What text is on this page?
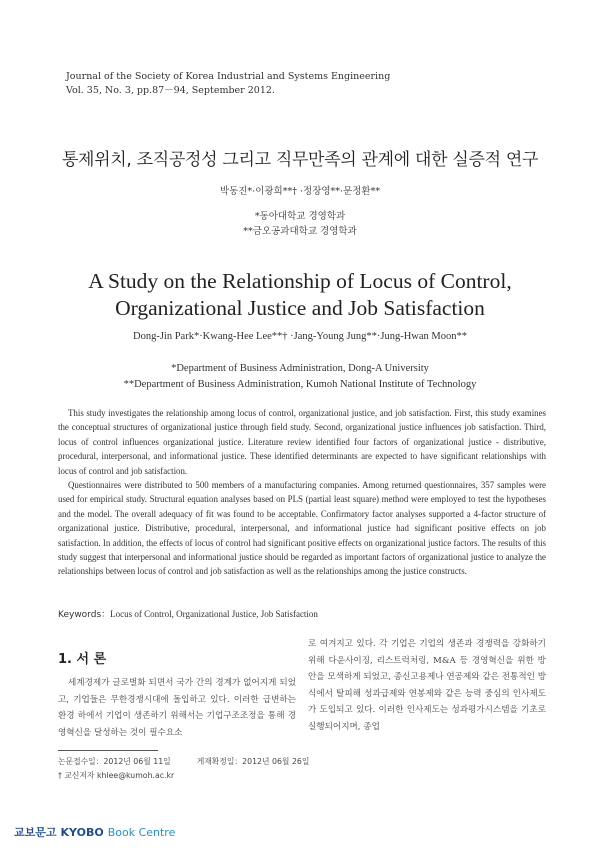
Journal of the Society of Korea Industrial and Systems Engineering
Vol. 35, No. 3, pp.87－94, September 2012.
통제위치, 조직공정성 그리고 직무만족의 관계에 대한 실증적 연구
박동진*·이광희**† ·정장영**·문정환**
*동아대학교 경영학과
**금오공과대학교 경영학과
A Study on the Relationship of Locus of Control,
Organizational Justice and Job Satisfaction
Dong-Jin Park*·Kwang-Hee Lee**† ·Jang-Young Jung**·Jung-Hwan Moon**
*Department of Business Administration, Dong-A University
**Department of Business Administration, Kumoh National Institute of Technology

This study investigates the relationship among locus of control, organizational justice, and job satisfaction. First, this study examines the conceptual structures of organizational justice through field study. Second, organizational justice influences job satisfaction. Third, locus of control influences organizational justice. Literature review identified four factors of organizational justice - distributive, procedural, interpersonal, and informational justice. These identified determinants are expected to have significant relationships with locus of control and job satisfaction.

Questionnaires were distributed to 500 members of a manufacturing companies. Among returned questionnaires, 357 samples were used for empirical study. Structural equation analyses based on PLS (partial least square) method were employed to test the hypotheses and the model. The overall adequacy of fit was found to be acceptable. Confirmatory factor analyses supported a 4-factor structure of organizational justice. Distributive, procedural, interpersonal, and informational justice had significant positive effects on job satisfaction. In addition, the effects of locus of control had significant positive effects on organizational justice factors. The results of this study suggest that interpersonal and informational justice should be regarded as important factors of organizational justice to analyze the relationships between locus of control and job satisfaction as well as the relationships among the justice constructs.

Keywords：Locus of Control, Organizational Justice, Job Satisfaction
1. 서 론
세계경제가 글로벌화 되면서 국가 간의 경계가 없어지게 되었고, 기업들은 무한경쟁시대에 돌입하고 있다. 이러한 급변하는 환경 하에서 기업이 생존하기 위해서는 기업구조조정을 통해 경영혁신을 달성하는 것이 필수요소
로 여겨지고 있다. 각 기업은 기업의 생존과 경쟁력을 강화하기 위해 다운사이징, 리스트럭처링, M&A 등 경영혁신을 위한 방안을 모색하게 되었고, 종신고용제나 연공제와 같은 전통적인 방식에서 탈피해 성과급제와 연봉제와 같은 능력 중심의 인사제도가 도입되고 있다. 이러한 인사제도는 성과평가시스템을 기초로 실행되어지며, 종업
논문접수일：2012년 06월 11일	게재확정일：2012년 06월 26일
† 교신저자 khlee@kumoh.ac.kr
교보문고 KYOBO Book Centre
